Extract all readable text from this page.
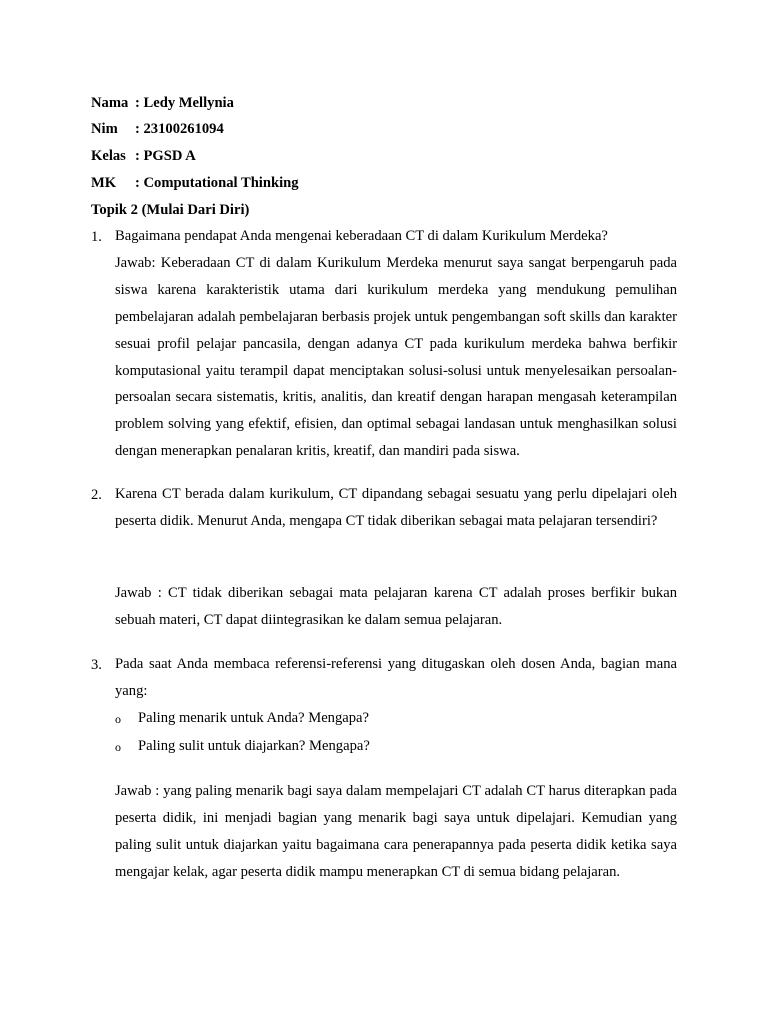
Nama : Ledy Mellynia
Nim : 23100261094
Kelas : PGSD A
MK : Computational Thinking
Topik 2 (Mulai Dari Diri)
1. Bagaimana pendapat Anda mengenai keberadaan CT di dalam Kurikulum Merdeka?

Jawab: Keberadaan CT di dalam Kurikulum Merdeka menurut saya sangat berpengaruh pada siswa karena karakteristik utama dari kurikulum merdeka yang mendukung pemulihan pembelajaran adalah pembelajaran berbasis projek untuk pengembangan soft skills dan karakter sesuai profil pelajar pancasila, dengan adanya CT pada kurikulum merdeka bahwa berfikir komputasional yaitu terampil dapat menciptakan solusi-solusi untuk menyelesaikan persoalan-persoalan secara sistematis, kritis, analitis, dan kreatif dengan harapan mengasah keterampilan problem solving yang efektif, efisien, dan optimal sebagai landasan untuk menghasilkan solusi dengan menerapkan penalaran kritis, kreatif, dan mandiri pada siswa.

2. Karena CT berada dalam kurikulum, CT dipandang sebagai sesuatu yang perlu dipelajari oleh peserta didik. Menurut Anda, mengapa CT tidak diberikan sebagai mata pelajaran tersendiri?

Jawab : CT tidak diberikan sebagai mata pelajaran karena CT adalah proses berfikir bukan sebuah materi, CT dapat diintegrasikan ke dalam semua pelajaran.

3. Pada saat Anda membaca referensi-referensi yang ditugaskan oleh dosen Anda, bagian mana yang:

o Paling menarik untuk Anda? Mengapa?
o Paling sulit untuk diajarkan? Mengapa?

Jawab : yang paling menarik bagi saya dalam mempelajari CT adalah CT harus diterapkan pada peserta didik, ini menjadi bagian yang menarik bagi saya untuk dipelajari. Kemudian yang paling sulit untuk diajarkan yaitu bagaimana cara penerapannya pada peserta didik ketika saya mengajar kelak, agar peserta didik mampu menerapkan CT di semua bidang pelajaran.
